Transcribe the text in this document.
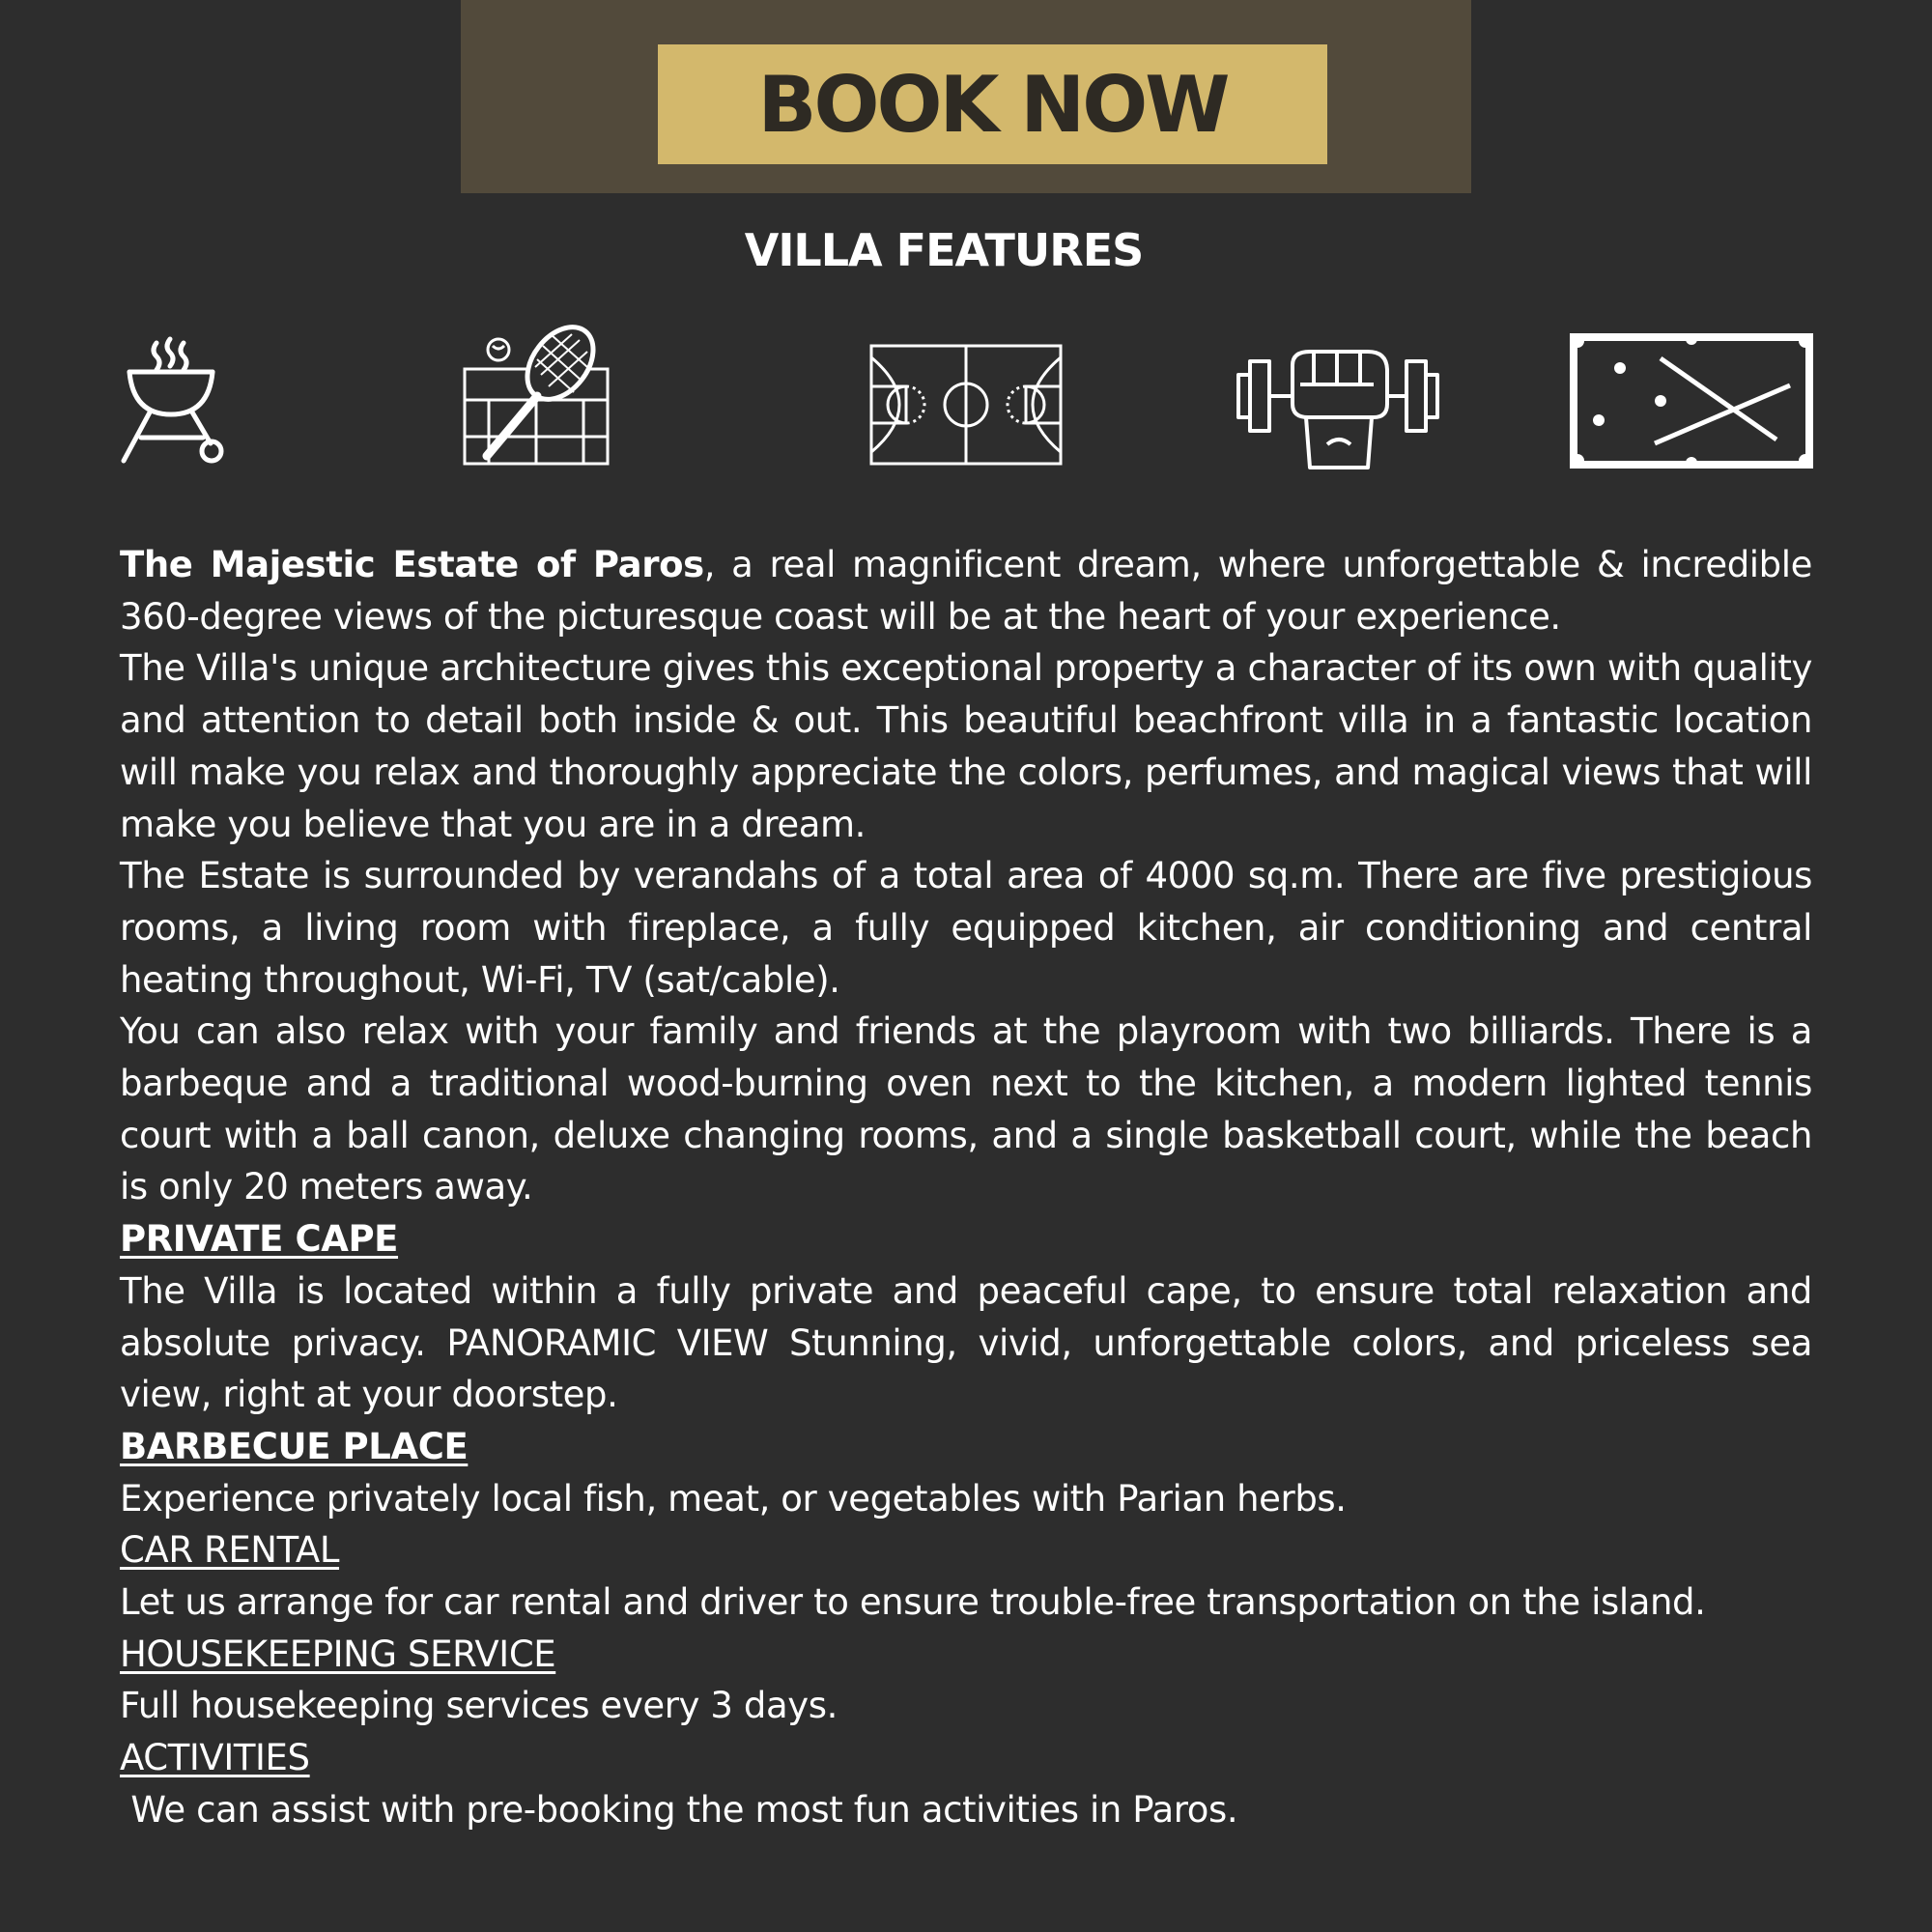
BOOK NOW
VILLA FEATURES

The Majestic Estate of Paros, a real magnificent dream, where unforgettable & incredible 360-degree views of the picturesque coast will be at the heart of your experience.

The Villa's unique architecture gives this exceptional property a character of its own with quality and attention to detail both inside & out. This beautiful beachfront villa in a fantastic location will make you relax and thoroughly appreciate the colors, perfumes, and magical views that will make you believe that you are in a dream.

The Estate is surrounded by verandahs of a total area of 4000 sq.m. There are five prestigious rooms, a living room with fireplace, a fully equipped kitchen, air conditioning and central heating throughout, Wi-Fi, TV (sat/cable).

You can also relax with your family and friends at the playroom with two billiards. There is a barbeque and a traditional wood-burning oven next to the kitchen, a modern lighted tennis court with a ball canon, deluxe changing rooms, and a single basketball court, while the beach is only 20 meters away.

PRIVATE CAPE

The Villa is located within a fully private and peaceful cape, to ensure total relaxation and absolute privacy. PANORAMIC VIEW Stunning, vivid, unforgettable colors, and priceless sea view, right at your doorstep.

BARBECUE PLACE

Experience privately local fish, meat, or vegetables with Parian herbs.

CAR RENTAL

Let us arrange for car rental and driver to ensure trouble-free transportation on the island.

HOUSEKEEPING SERVICE

Full housekeeping services every 3 days.

ACTIVITIES

We can assist with pre-booking the most fun activities in Paros.
